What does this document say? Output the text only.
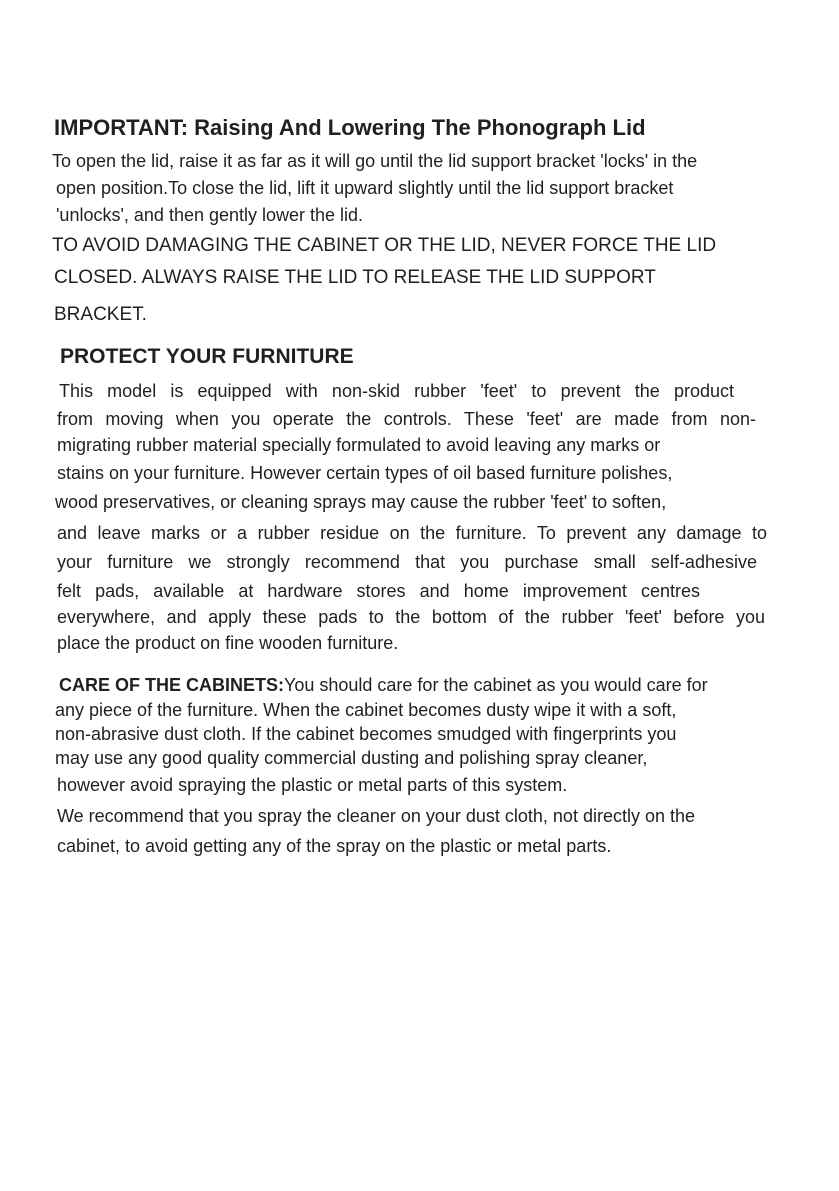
IMPORTANT: Raising And Lowering The Phonograph Lid
To open the lid, raise it as far as it will go until the lid support bracket 'locks' in the
open position.To close the lid, lift it upward slightly until the lid support bracket
'unlocks', and then gently lower the lid.
TO AVOID DAMAGING THE CABINET OR THE LID, NEVER FORCE THE LID
CLOSED. ALWAYS RAISE THE LID TO RELEASE THE LID SUPPORT
BRACKET.
PROTECT YOUR FURNITURE
This model is equipped with non-skid rubber 'feet' to prevent the product
from moving when you operate the controls. These 'feet' are made from non-
migrating rubber material specially formulated to avoid leaving any marks or
stains on your furniture. However certain types of oil based furniture polishes,
wood preservatives, or cleaning sprays may cause the rubber 'feet' to soften,
and leave marks or a rubber residue on the furniture. To prevent any damage to
your furniture we strongly recommend that you purchase small self-adhesive
felt pads, available at hardware stores and home improvement centres
everywhere, and apply these pads to the bottom of the rubber 'feet' before you
place the product on fine wooden furniture.
CARE OF THE CABINETS:You should care for the cabinet as you would care for
any piece of the furniture. When the cabinet becomes dusty wipe it with a soft,
non-abrasive dust cloth. If the cabinet becomes smudged with fingerprints you
may use any good quality commercial dusting and polishing spray cleaner,
however avoid spraying the plastic or metal parts of this system.
We recommend that you spray the cleaner on your dust cloth, not directly on the
cabinet, to avoid getting any of the spray on the plastic or metal parts.
